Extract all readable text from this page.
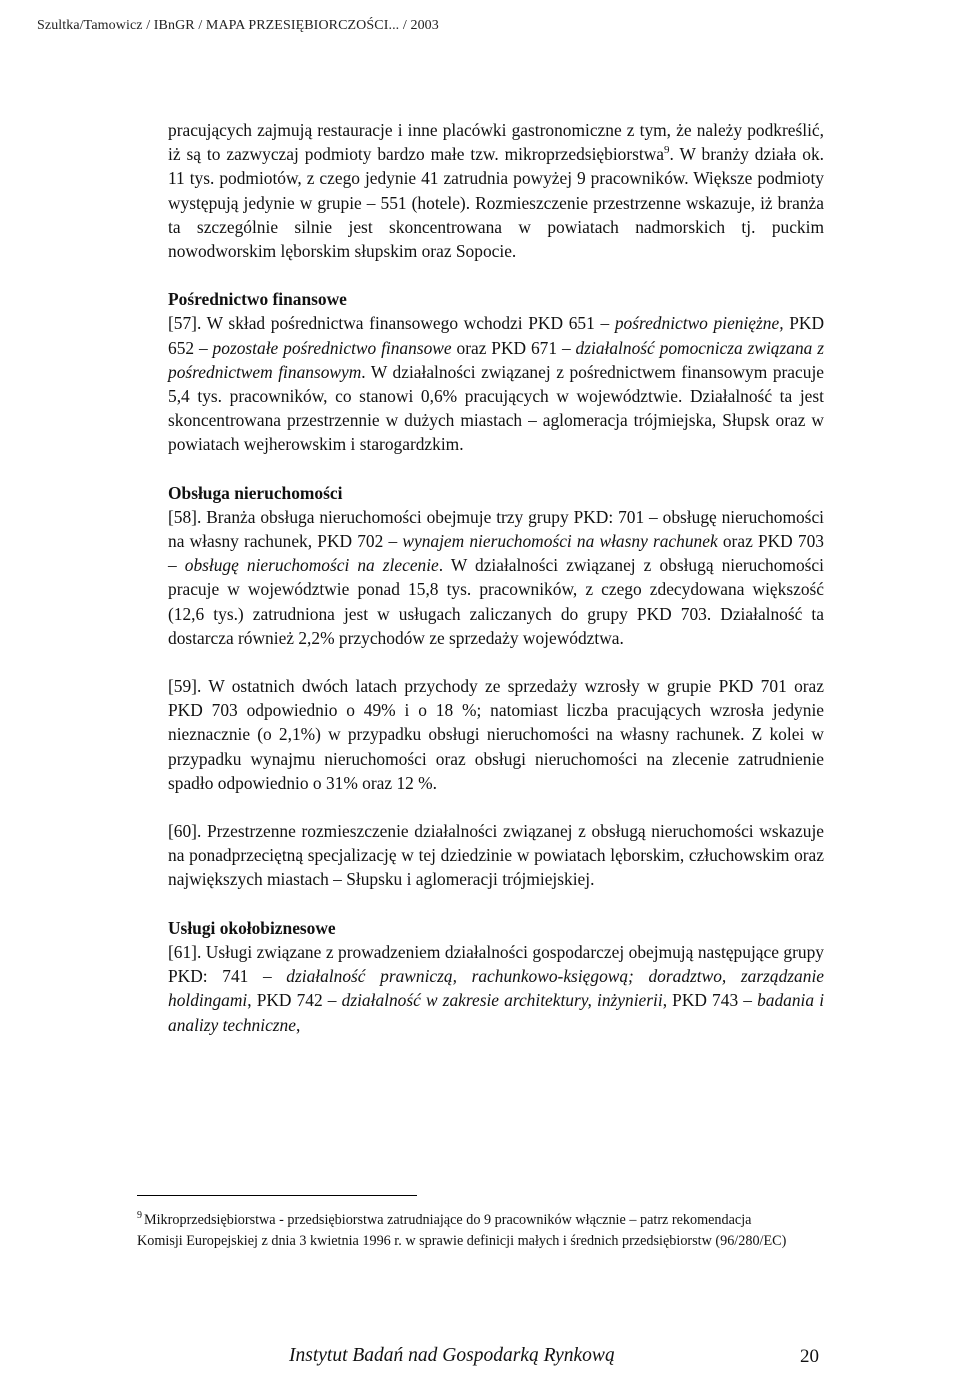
Szultka/Tamowicz / IBnGR / MAPA PRZESIĘBIORCZOŚCI... / 2003

pracujących zajmują restauracje i inne placówki gastronomiczne z tym, że należy podkreślić, iż są to zazwyczaj podmioty bardzo małe tzw. mikroprzedsiębiorstwa$^9$. W branży działa ok. 11 tys. podmiotów, z czego jedynie 41 zatrudnia powyżej 9 pracowników. Większe podmioty występują jedynie w grupie – 551 (hotele). Rozmieszczenie przestrzenne wskazuje, iż branża ta szczególnie silnie jest skoncentrowana w powiatach nadmorskich tj. puckim nowodworskim lęborskim słupskim oraz Sopocie.

Pośrednictwo finansowe

[57]. W skład pośrednictwa finansowego wchodzi PKD 651 – pośrednictwo pieniężne, PKD 652 – pozostałe pośrednictwo finansowe oraz PKD 671 – działalność pomocnicza związana z pośrednictwem finansowym. W działalności związanej z pośrednictwem finansowym pracuje 5,4 tys. pracowników, co stanowi 0,6% pracujących w województwie. Działalność ta jest skoncentrowana przestrzennie w dużych miastach – aglomeracja trójmiejska, Słupsk oraz w powiatach wejherowskim i starogardzkim.

Obsługa nieruchomości

[58]. Branża obsługa nieruchomości obejmuje trzy grupy PKD: 701 – obsługę nieruchomości na własny rachunek, PKD 702 – wynajem nieruchomości na własny rachunek oraz PKD 703 – obsługę nieruchomości na zlecenie. W działalności związanej z obsługą nieruchomości pracuje w województwie ponad 15,8 tys. pracowników, z czego zdecydowana większość (12,6 tys.) zatrudniona jest w usługach zaliczanych do grupy PKD 703. Działalność ta dostarcza również 2,2% przychodów ze sprzedaży województwa.

[59]. W ostatnich dwóch latach przychody ze sprzedaży wzrosły w grupie PKD 701 oraz PKD 703 odpowiednio o 49% i o 18 %; natomiast liczba pracujących wzrosła jedynie nieznacznie (o 2,1%) w przypadku obsługi nieruchomości na własny rachunek. Z kolei w przypadku wynajmu nieruchomości oraz obsługi nieruchomości na zlecenie zatrudnienie spadło odpowiednio o 31% oraz 12 %.

[60]. Przestrzenne rozmieszczenie działalności związanej z obsługą nieruchomości wskazuje na ponadprzeciętną specjalizację w tej dziedzinie w powiatach lęborskim, człuchowskim oraz największych miastach – Słupsku i aglomeracji trójmiejskiej.

Usługi okołobiznesowe

[61]. Usługi związane z prowadzeniem działalności gospodarczej obejmują następujące grupy PKD: 741 – działalność prawniczą, rachunkowo-księgową; doradztwo, zarządzanie holdingami, PKD 742 – działalność w zakresie architektury, inżynierii, PKD 743 – badania i analizy techniczne,

$^9$ Mikroprzedsiębiorstwa - przedsiębiorstwa zatrudniające do 9 pracowników włącznie – patrz rekomendacja Komisji Europejskiej z dnia 3 kwietnia 1996 r. w sprawie definicji małych i średnich przedsiębiorstw (96/280/EC)
Instytut Badań nad Gospodarką Rynkową	20
